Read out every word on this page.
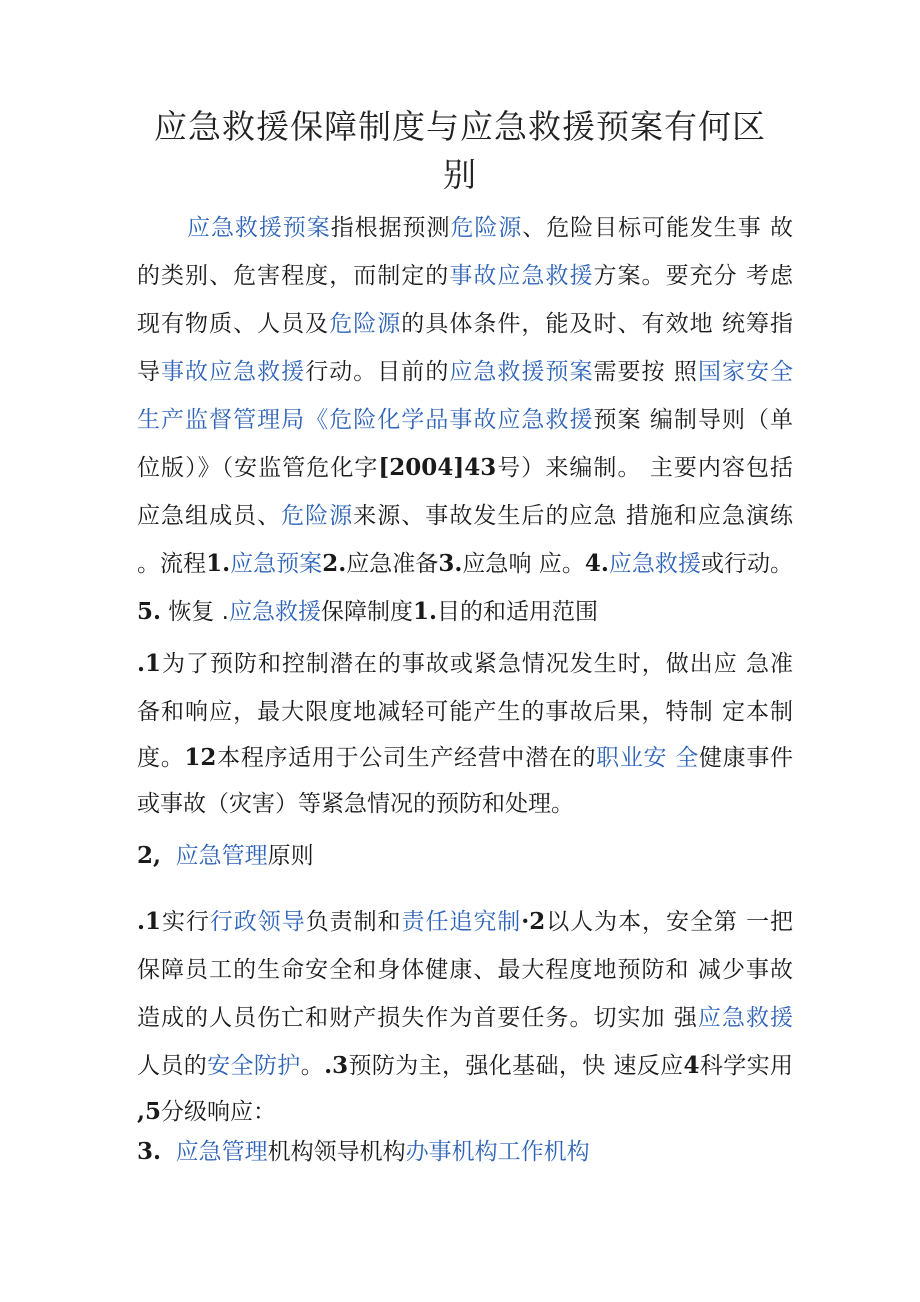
应急救援保障制度与应急救援预案有何区
别
应急救援预案指根据预测危险源、危险目标可能发生事 故
的类别、危害程度，而制定的事故应急救援方案。要充分 考虑
现有物质、人员及危险源的具体条件，能及时、有效地 统筹指
导事故应急救援行动。目前的应急救援预案需要按 照国家安全
生产监督管理局《危险化学品事故应急救援预案 编制导则（单
位版）》（安监管危化字[2004]43号）来编制。 主要内容包括
应急组成员、危险源来源、事故发生后的应急 措施和应急演练
。流程1.应急预案2.应急准备3.应急响 应。4.应急救援或行动。
5. 恢复 .应急救援保障制度1.目的和适用范围
.1为了预防和控制潜在的事故或紧急情况发生时，做出应 急准
备和响应，最大限度地减轻可能产生的事故后果，特制 定本制
度。12本程序适用于公司生产经营中潜在的职业安 全健康事件
或事故（灾害）等紧急情况的预防和处理。
2, 应急管理原则
.1实行行政领导负责制和责任追究制·2以人为本，安全第 一把
保障员工的生命安全和身体健康、最大程度地预防和 减少事故
造成的人员伤亡和财产损失作为首要任务。切实加 强应急救援
人员的安全防护。.3预防为主，强化基础，快 速反应4科学实用
,5分级响应：
3. 应急管理机构领导机构办事机构工作机构
